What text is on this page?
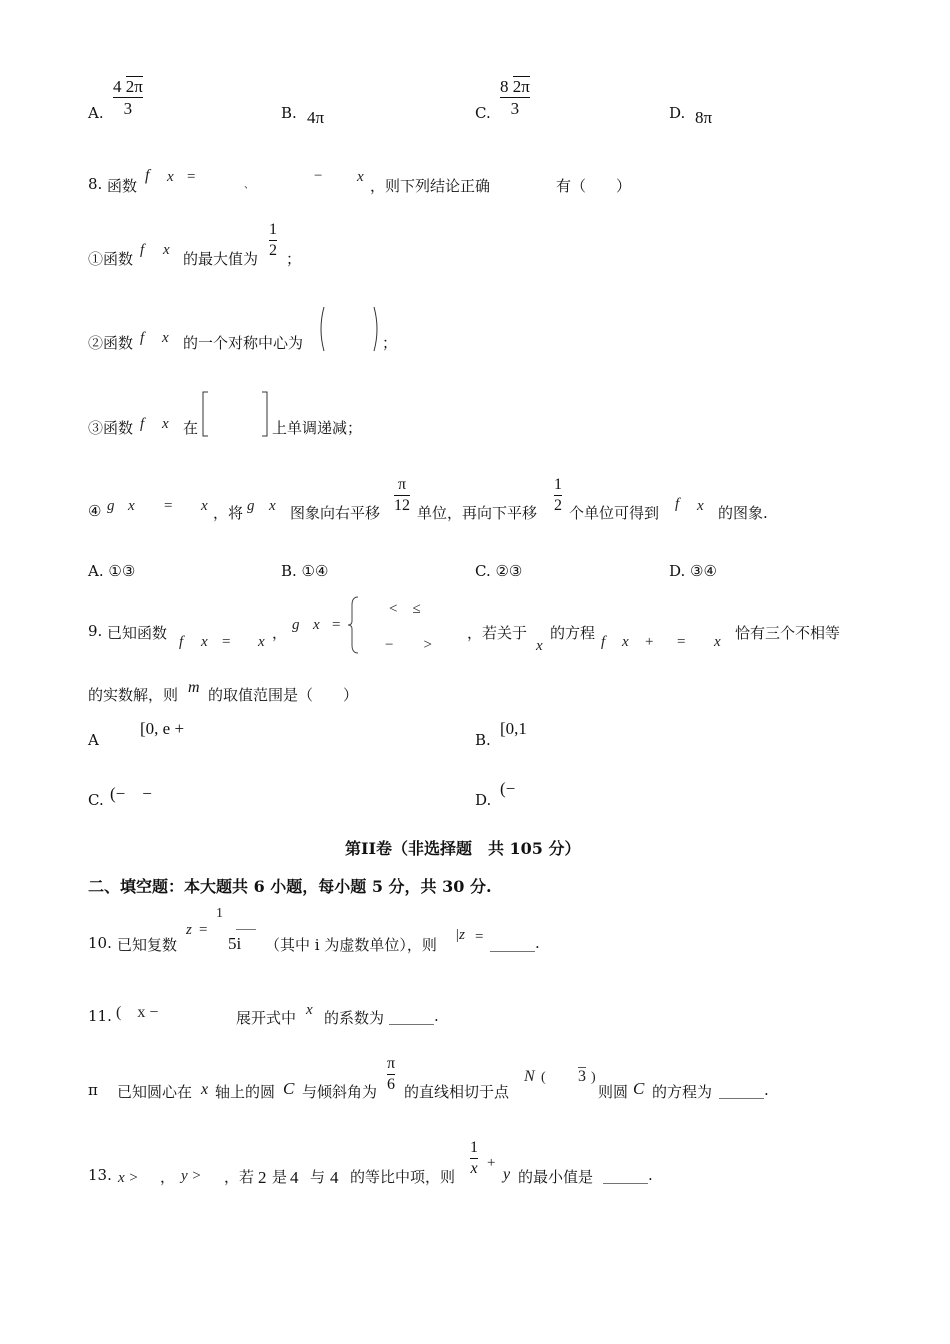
A.
4 2π
3	B. 4π	C.
8 2π
3	D. 8π
8. 函数
f x =
、
− x ，则下列结论正确	有（　　）
①函数 f x 的最大值为
1
2 ；
②函数 f x 的一个对称中心为	；
③函数 f x 在	上单调递减；
④ g x = x ，将 g x 图象向右平移
π
12 单位，再向下平移
1
2 个单位可得到 f x 的图象.
A. ①③	B. ①④	C. ②③	D. ③④
9. 已知函数 f x = x ， g x =
<　≤
−　　>
，若关于
x
的方程 f x + = x 恰有三个不相等
的实数解，则 m 的取值范围是（　　）
A
[0, e +
B.
[0,1
C. (−　−	D.
(−
第II卷（非选择题　共 105 分）
二、填空题：本大题共 6 小题，每小题 5 分，共 30 分.
10. 已知复数
z =
1
5i （其中 i 为虚数单位），则
|z = ______.
11. (　x −	展开式中 x 的系数为 ______.
π 已知圆心在 x 轴上的圆 C 与倾斜角为
π
6 的直线相切于点
N ( 3 )
则圆 C 的方程为 ______.
13. x > ， y > ，若 2 是 4 与 4 的等比中项，则
1
x +
y 的最小值是 ______.
